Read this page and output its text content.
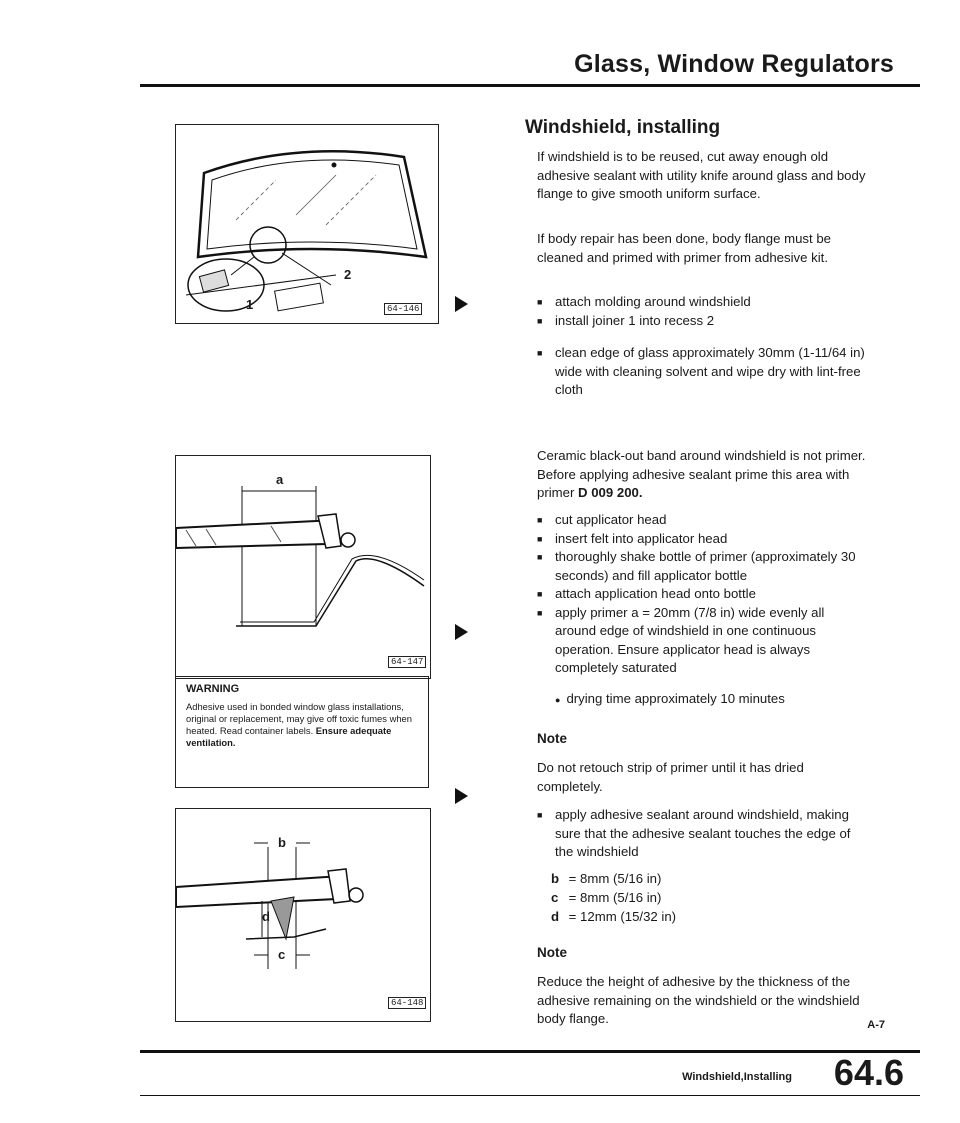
Glass, Window Regulators
1
2
64-146
a
64-147
WARNING
Adhesive used in bonded window glass installations, original or replacement, may give off toxic fumes when heated. Read container labels. Ensure adequate ventilation.
b
c
d
64-148
Windshield, installing
If windshield is to be reused, cut away enough old adhesive sealant with utility knife around glass and body flange to give smooth uniform surface.
If body repair has been done, body flange must be cleaned and primed with primer from adhesive kit.
■ attach molding around windshield
■ install joiner 1 into recess 2
■ clean edge of glass approximately 30mm (1-11/64 in) wide with cleaning solvent and wipe dry with lint-free cloth
Ceramic black-out band around windshield is not primer. Before applying adhesive sealant prime this area with primer D 009 200.
■ cut applicator head
■ insert felt into applicator head
■ thoroughly shake bottle of primer (approximately 30 seconds) and fill applicator bottle
■ attach application head onto bottle
■ apply primer a = 20mm (7/8 in) wide evenly all around edge of windshield in one continuous operation. Ensure applicator head is always completely saturated
● drying time approximately 10 minutes
Note
Do not retouch strip of primer until it has dried completely.
■ apply adhesive sealant around windshield, making sure that the adhesive sealant touches the edge of the windshield
b = 8mm (5/16 in)
c = 8mm (5/16 in)
d = 12mm (15/32 in)
Note
Reduce the height of adhesive by the thickness of the adhesive remaining on the windshield or the windshield body flange.	A-7
Windshield,Installing 64.6
